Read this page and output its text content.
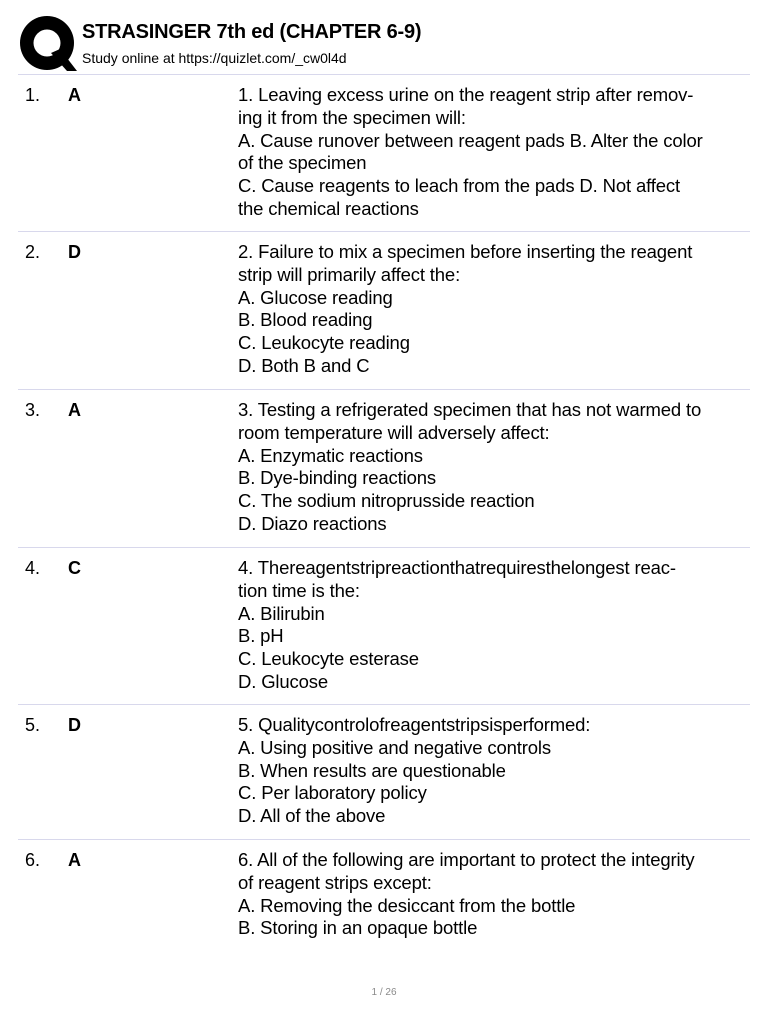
STRASINGER 7th ed (CHAPTER 6-9)
Study online at https://quizlet.com/_cw0l4d
1. A	1. Leaving excess urine on the reagent strip after remov-
ing it from the specimen will:
A. Cause runover between reagent pads B. Alter the color
of the specimen
C. Cause reagents to leach from the pads D. Not affect
the chemical reactions
2. D	2. Failure to mix a specimen before inserting the reagent
strip will primarily affect the:
A. Glucose reading
B. Blood reading
C. Leukocyte reading
D. Both B and C
3. A	3. Testing a refrigerated specimen that has not warmed to
room temperature will adversely affect:
A. Enzymatic reactions
B. Dye-binding reactions
C. The sodium nitroprusside reaction
D. Diazo reactions
4. C	4. Thereagentstripreactionthatrequiresthelongest reac-
tion time is the:
A. Bilirubin
B. pH
C. Leukocyte esterase
D. Glucose
5. D	5. Qualitycontrolofreagentstripsisperformed:
A. Using positive and negative controls
B. When results are questionable
C. Per laboratory policy
D. All of the above
6. A	6. All of the following are important to protect the integrity
of reagent strips except:
A. Removing the desiccant from the bottle
B. Storing in an opaque bottle
1 / 26
